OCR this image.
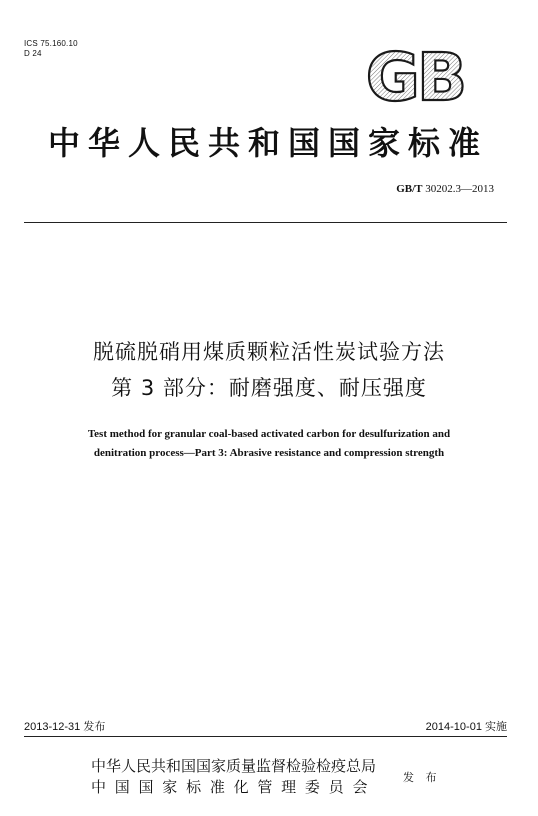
ICS 75.160.10
D 24	GB
中华人民共和国国家标准
GB/T 30202.3—2013
脱硫脱硝用煤质颗粒活性炭试验方法
第 3 部分：耐磨强度、耐压强度
Test method for granular coal-based activated carbon for desulfurization and
denitration process—Part 3: Abrasive resistance and compression strength
2013-12-31 发布	2014-10-01 实施
中华人民共和国国家质量监督检验检疫总局
中 国 国 家 标 准 化 管 理 委 员 会
发 布
